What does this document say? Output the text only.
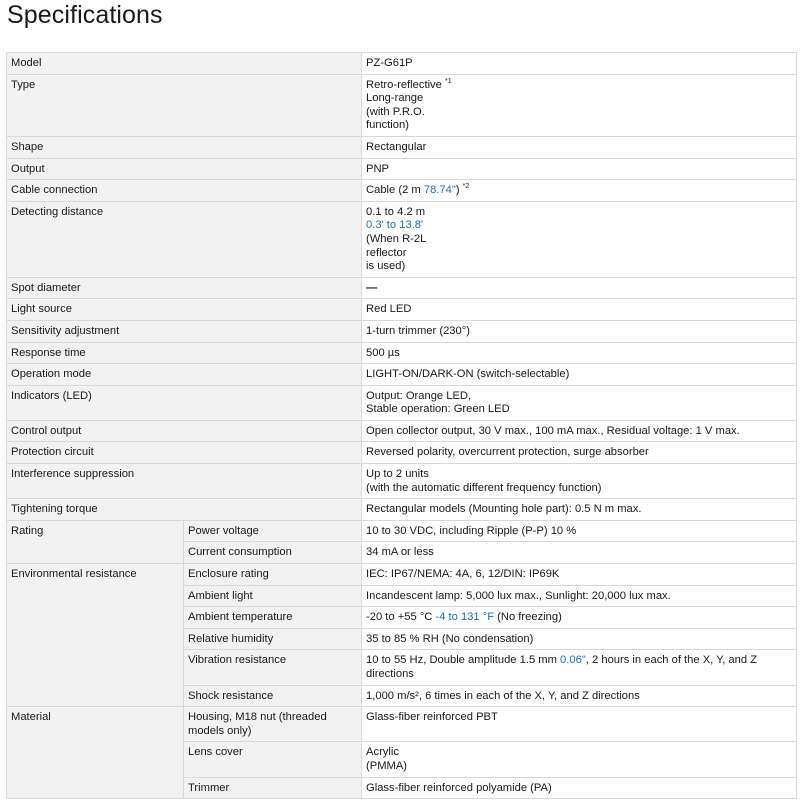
Specifications
Model		PZ-G61P
Type		Retro-reflective $^{*1}$
Long-range
(with P.R.O.
function)

Shape		Rectangular
Output		PNP
Cable connection		Cable (2 m 78.74") $^{*2}$
Detecting distance		0.1 to 4.2 m
0.3' to 13.8'
(When R-2L
reflector
is used)

Spot diameter		—
Light source		Red LED
Sensitivity adjustment		1-turn trimmer (230°)
Response time		500 µs
Operation mode		LIGHT-ON/DARK-ON (switch-selectable)
Indicators (LED)		Output: Orange LED,
Stable operation: Green LED

Control output		Open collector output, 30 V max., 100 mA max., Residual voltage: 1 V max.
Protection circuit		Reversed polarity, overcurrent protection, surge absorber
Interference suppression		Up to 2 units
(with the automatic different frequency function)

Tightening torque		Rectangular models (Mounting hole part): 0.5 N m max.
Rating	Power voltage	10 to 30 VDC, including Ripple (P-P) 10 %
	Current consumption	34 mA or less
Environmental resistance	Enclosure rating	IEC: IP67/NEMA: 4A, 6, 12/DIN: IP69K
	Ambient light	Incandescent lamp: 5,000 lux max., Sunlight: 20,000 lux max.
	Ambient temperature	-20 to +55 °C -4 to 131 °F (No freezing)
	Relative humidity	35 to 85 % RH (No condensation)
	Vibration resistance	10 to 55 Hz, Double amplitude 1.5 mm 0.06", 2 hours in each of the X, Y, and Z directions
	Shock resistance	1,000 m/s², 6 times in each of the X, Y, and Z directions
Material	Housing, M18 nut (threaded models only)	Glass-fiber reinforced PBT
	Lens cover	Acrylic
(PMMA)

	Trimmer	Glass-fiber reinforced polyamide (PA)
